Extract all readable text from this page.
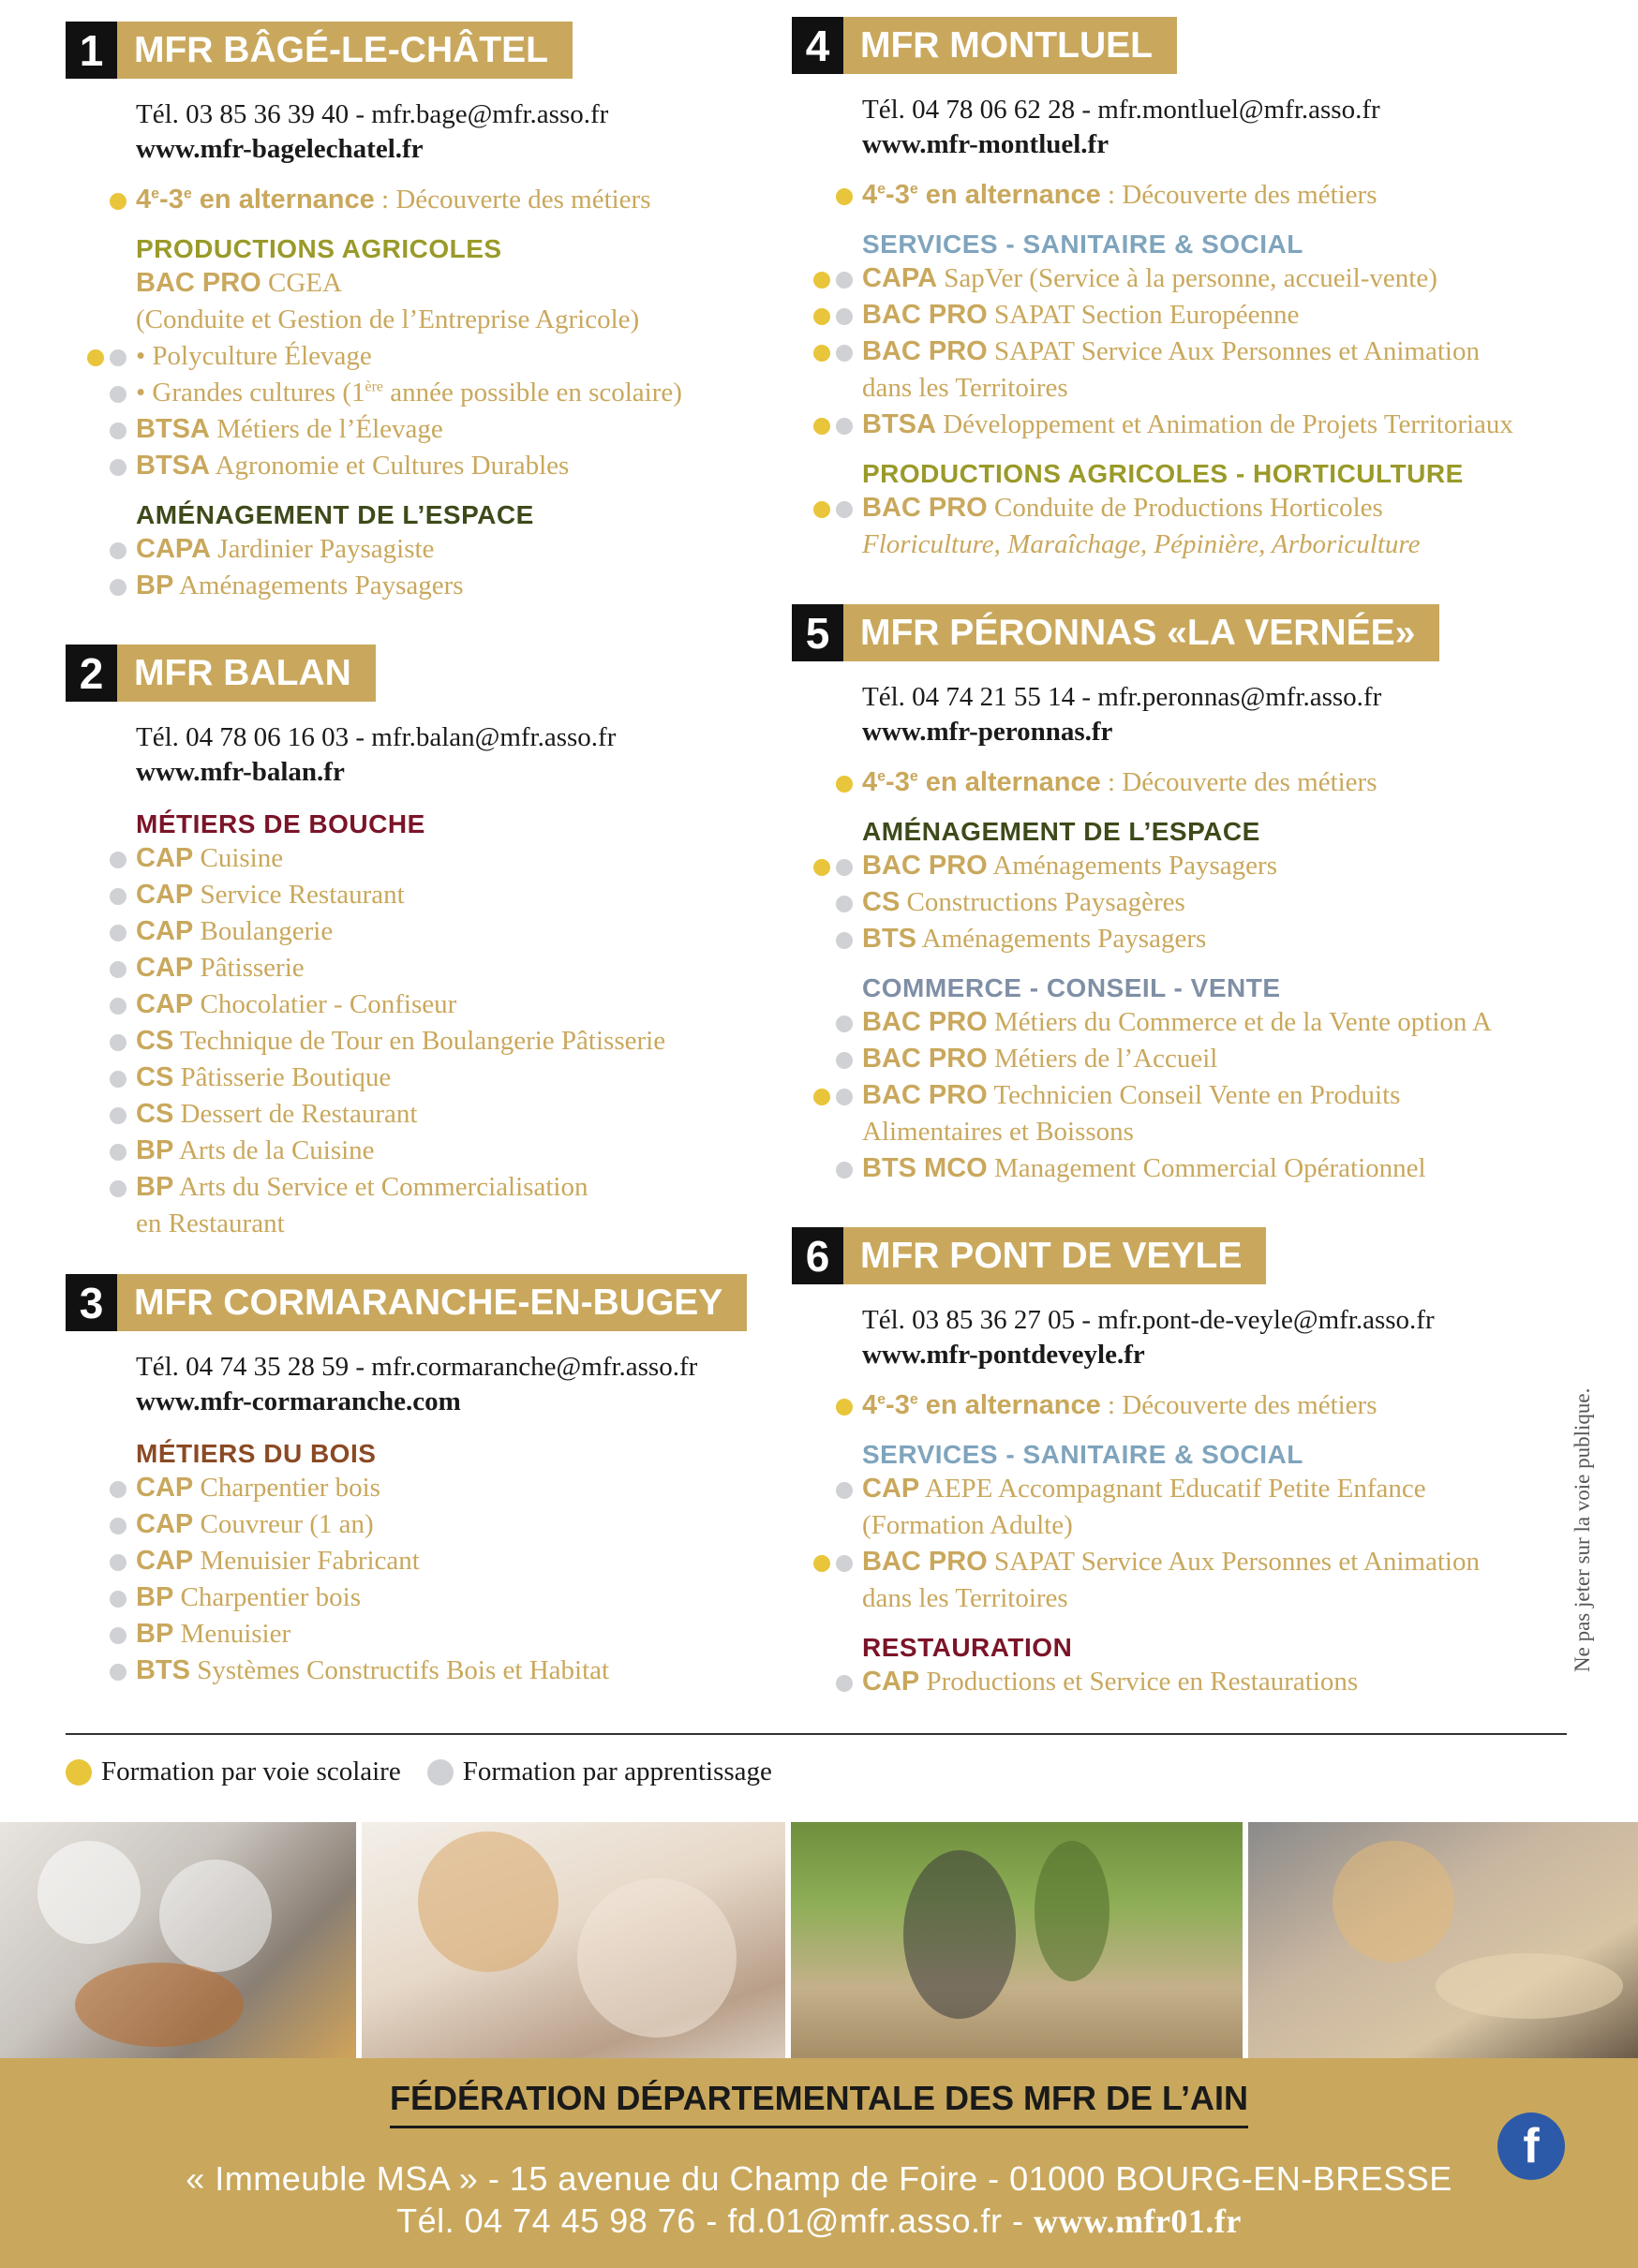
1 MFR BÂGÉ-LE-CHÂTEL
Tél. 03 85 36 39 40 - mfr.bage@mfr.asso.fr
www.mfr-bagelechatel.fr
4e-3e en alternance : Découverte des métiers
PRODUCTIONS AGRICOLES
BAC PRO CGEA
(Conduite et Gestion de l’Entreprise Agricole)
• Polyculture Élevage
• Grandes cultures (1ère année possible en scolaire)
BTSA Métiers de l’Élevage
BTSA Agronomie et Cultures Durables
AMÉNAGEMENT DE L’ESPACE
CAPA Jardinier Paysagiste
BP Aménagements Paysagers
2 MFR BALAN
Tél. 04 78 06 16 03 - mfr.balan@mfr.asso.fr
www.mfr-balan.fr
MÉTIERS DE BOUCHE
CAP Cuisine
CAP Service Restaurant
CAP Boulangerie
CAP Pâtisserie
CAP Chocolatier - Confiseur
CS Technique de Tour en Boulangerie Pâtisserie
CS Pâtisserie Boutique
CS Dessert de Restaurant
BP Arts de la Cuisine
BP Arts du Service et Commercialisation
en Restaurant
3 MFR CORMARANCHE-EN-BUGEY
Tél. 04 74 35 28 59 - mfr.cormaranche@mfr.asso.fr
www.mfr-cormaranche.com
MÉTIERS DU BOIS
CAP Charpentier bois
CAP Couvreur (1 an)
CAP Menuisier Fabricant
BP Charpentier bois
BP Menuisier
BTS Systèmes Constructifs Bois et Habitat
4 MFR MONTLUEL
Tél. 04 78 06 62 28 - mfr.montluel@mfr.asso.fr
www.mfr-montluel.fr
4e-3e en alternance : Découverte des métiers
SERVICES - SANITAIRE & SOCIAL
CAPA SapVer (Service à la personne, accueil-vente)
BAC PRO SAPAT Section Européenne
BAC PRO SAPAT Service Aux Personnes et Animation
dans les Territoires
BTSA Développement et Animation de Projets Territoriaux
PRODUCTIONS AGRICOLES - HORTICULTURE
BAC PRO Conduite de Productions Horticoles
Floriculture, Maraîchage, Pépinière, Arboriculture
5 MFR PÉRONNAS «LA VERNÉE»
Tél. 04 74 21 55 14 - mfr.peronnas@mfr.asso.fr
www.mfr-peronnas.fr
4e-3e en alternance : Découverte des métiers
AMÉNAGEMENT DE L’ESPACE
BAC PRO Aménagements Paysagers
CS Constructions Paysagères
BTS Aménagements Paysagers
COMMERCE - CONSEIL - VENTE
BAC PRO Métiers du Commerce et de la Vente option A
BAC PRO Métiers de l’Accueil
BAC PRO Technicien Conseil Vente en Produits
Alimentaires et Boissons
BTS MCO Management Commercial Opérationnel
6 MFR PONT DE VEYLE
Tél. 03 85 36 27 05 - mfr.pont-de-veyle@mfr.asso.fr
www.mfr-pontdeveyle.fr
4e-3e en alternance : Découverte des métiers
SERVICES - SANITAIRE & SOCIAL
CAP AEPE Accompagnant Educatif Petite Enfance
(Formation Adulte)
BAC PRO SAPAT Service Aux Personnes et Animation
dans les Territoires
RESTAURATION
CAP Productions et Service en Restaurations
Ne pas jeter sur la voie publique.
Formation par voie scolaire Formation par apprentissage
FÉDÉRATION DÉPARTEMENTALE DES MFR DE L’AIN
« Immeuble MSA » - 15 avenue du Champ de Foire - 01000 BOURG-EN-BRESSE
Tél. 04 74 45 98 76 - fd.01@mfr.asso.fr - www.mfr01.fr
f
